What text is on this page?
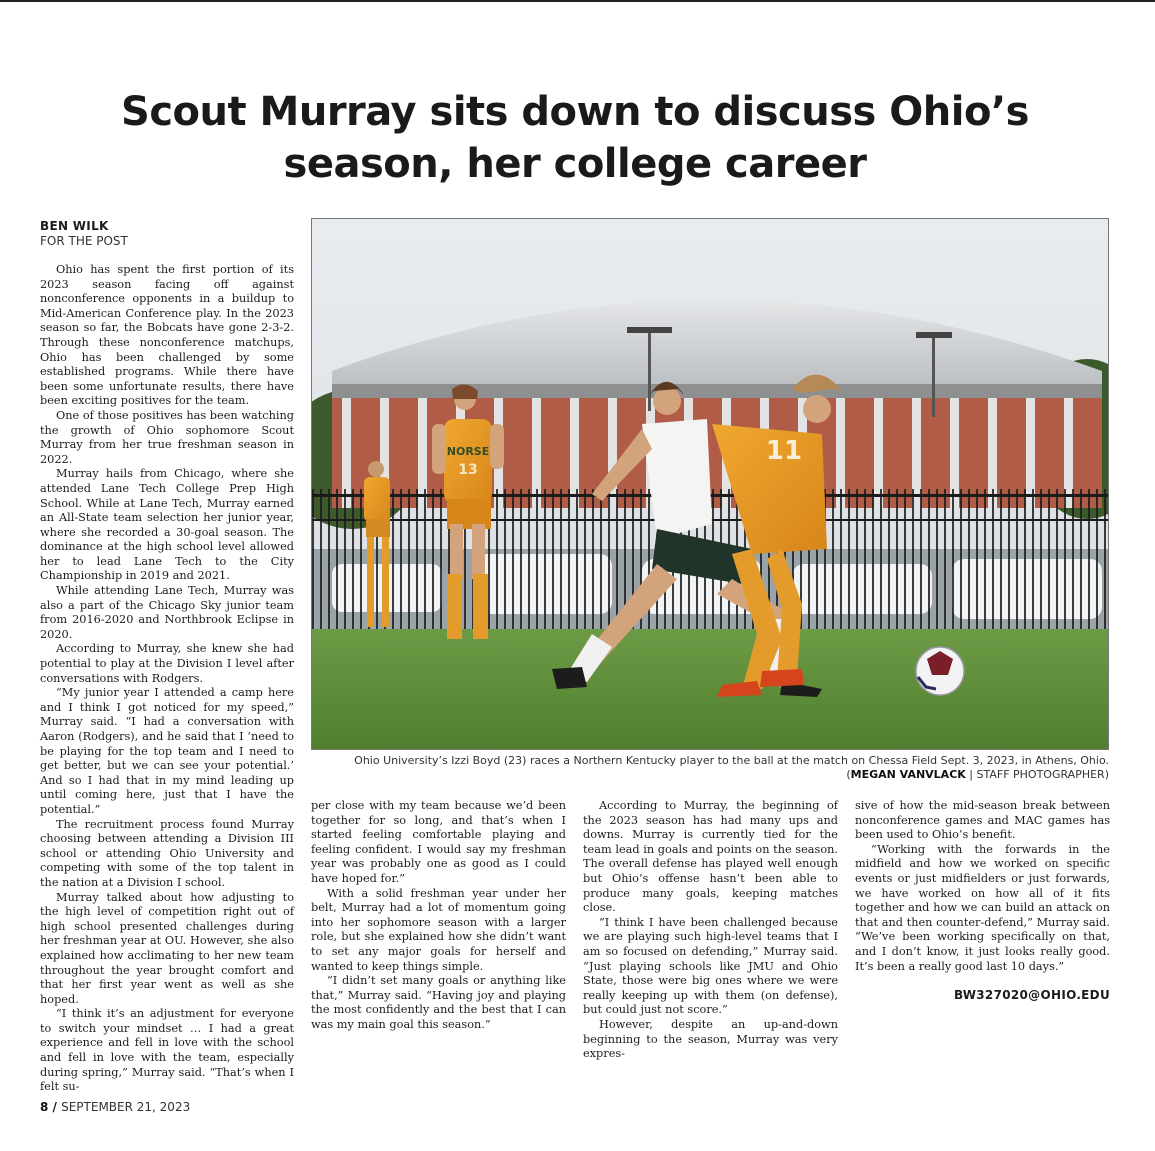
Scout Murray sits down to discuss Ohio’s season, her college career
BEN WILK
FOR THE POST

Ohio has spent the first portion of its 2023 season facing off against nonconference opponents in a buildup to Mid-American Conference play. In the 2023 season so far, the Bobcats have gone 2-3-2. Through these nonconference matchups, Ohio has been challenged by some established programs. While there have been some unfortunate results, there have been exciting positives for the team.

One of those positives has been watching the growth of Ohio sophomore Scout Murray from her true freshman season in 2022.

Murray hails from Chicago, where she attended Lane Tech College Prep High School. While at Lane Tech, Murray earned an All-State team selection her junior year, where she recorded a 30-goal season. The dominance at the high school level allowed her to lead Lane Tech to the City Championship in 2019 and 2021.

While attending Lane Tech, Murray was also a part of the Chicago Sky junior team from 2016-2020 and Northbrook Eclipse in 2020.

According to Murray, she knew she had potential to play at the Division I level after conversations with Rodgers.

“My junior year I attended a camp here and I think I got noticed for my speed,” Murray said. “I had a conversation with Aaron (Rodgers), and he said that I ‘need to be playing for the top team and I need to get better, but we can see your potential.’ And so I had that in my mind leading up until coming here, just that I have the potential.”

The recruitment process found Murray choosing between attending a Division III school or attending Ohio University and competing with some of the top talent in the nation at a Division I school.

Murray talked about how adjusting to the high level of competition right out of high school presented challenges during her freshman year at OU. However, she also explained how acclimating to her new team throughout the year brought comfort and that her first year went as well as she hoped.

“I think it’s an adjustment for everyone to switch your mindset … I had a great experience and fell in love with the school and fell in love with the team, especially during spring,” Murray said. “That’s when I felt su-

NORSE
13
11
Ohio University’s Izzi Boyd (23) races a Northern Kentucky player to the ball at the match on Chessa Field Sept. 3, 2023, in Athens, Ohio.
(MEGAN VANVLACK | STAFF PHOTOGRAPHER)

per close with my team because we’d been together for so long, and that’s when I started feeling comfortable playing and feeling confident. I would say my freshman year was probably one as good as I could have hoped for.”

With a solid freshman year under her belt, Murray had a lot of momentum going into her sophomore season with a larger role, but she explained how she didn’t want to set any major goals for herself and wanted to keep things simple.

“I didn’t set many goals or anything like that,” Murray said. “Having joy and playing the most confidently and the best that I can was my main goal this season.”

According to Murray, the beginning of the 2023 season has had many ups and downs. Murray is currently tied for the team lead in goals and points on the season. The overall defense has played well enough but Ohio’s offense hasn’t been able to produce many goals, keeping matches close.

“I think I have been challenged because we are playing such high-level teams that I am so focused on defending,” Murray said. “Just playing schools like JMU and Ohio State, those were big ones where we were really keeping up with them (on defense), but could just not score.”

However, despite an up-and-down beginning to the season, Murray was very expres-

sive of how the mid-season break between nonconference games and MAC games has been used to Ohio’s benefit.

“Working with the forwards in the midfield and how we worked on specific events or just midfielders or just forwards, we have worked on how all of it fits together and how we can build an attack on that and then counter-defend,” Murray said. “We’ve been working specifically on that, and I don’t know, it just looks really good. It’s been a really good last 10 days.”

BW327020@OHIO.EDU
8 / SEPTEMBER 21, 2023
